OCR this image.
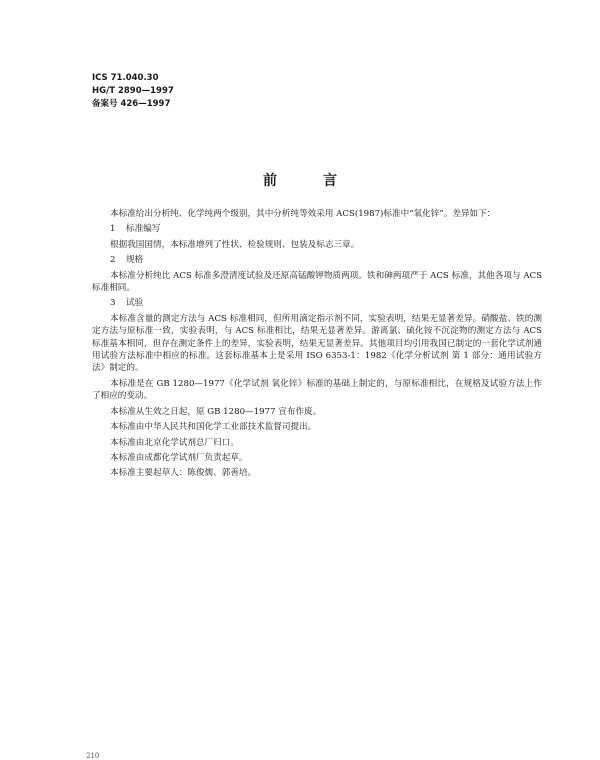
ICS 71.040.30
HG/T 2890—1997
备案号 426—1997
前言

本标准给出分析纯、化学纯两个级别，其中分析纯等效采用 ACS(1987)标准中“氧化锌”。差异如下：

1 标准编写

根据我国国情，本标准增列了性状、检验规则、包装及标志三章。

2 规格

本标准分析纯比 ACS 标准多澄清度试验及还原高锰酸钾物质两项。铁和砷两项严于 ACS 标准，其他各项与 ACS 标准相同。

3 试验

本标准含量的测定方法与 ACS 标准相同，但所用滴定指示剂不同，实验表明，结果无显著差异。硝酸盐、铁的测定方法与原标准一致，实验表明，与 ACS 标准相比，结果无显著差异。游离氯、硫化铵不沉淀物的测定方法与 ACS 标准基本相同，但存在测定条件上的差异，实验表明，结果无显著差异。其他项目均引用我国已制定的一套化学试剂通用试验方法标准中相应的标准。这套标准基本上是采用 ISO 6353-1：1982《化学分析试剂 第 1 部分：通用试验方法》制定的。

本标准是在 GB 1280—1977《化学试剂 氧化锌》标准的基础上制定的，与原标准相比，在规格及试验方法上作了相应的变动。

本标准从生效之日起，原 GB 1280—1977 宣布作废。

本标准由中华人民共和国化学工业部技术监督司提出。

本标准由北京化学试剂总厂归口。

本标准由成都化学试剂厂负责起草。

本标准主要起草人：陈俊儒、郭善培。

210
